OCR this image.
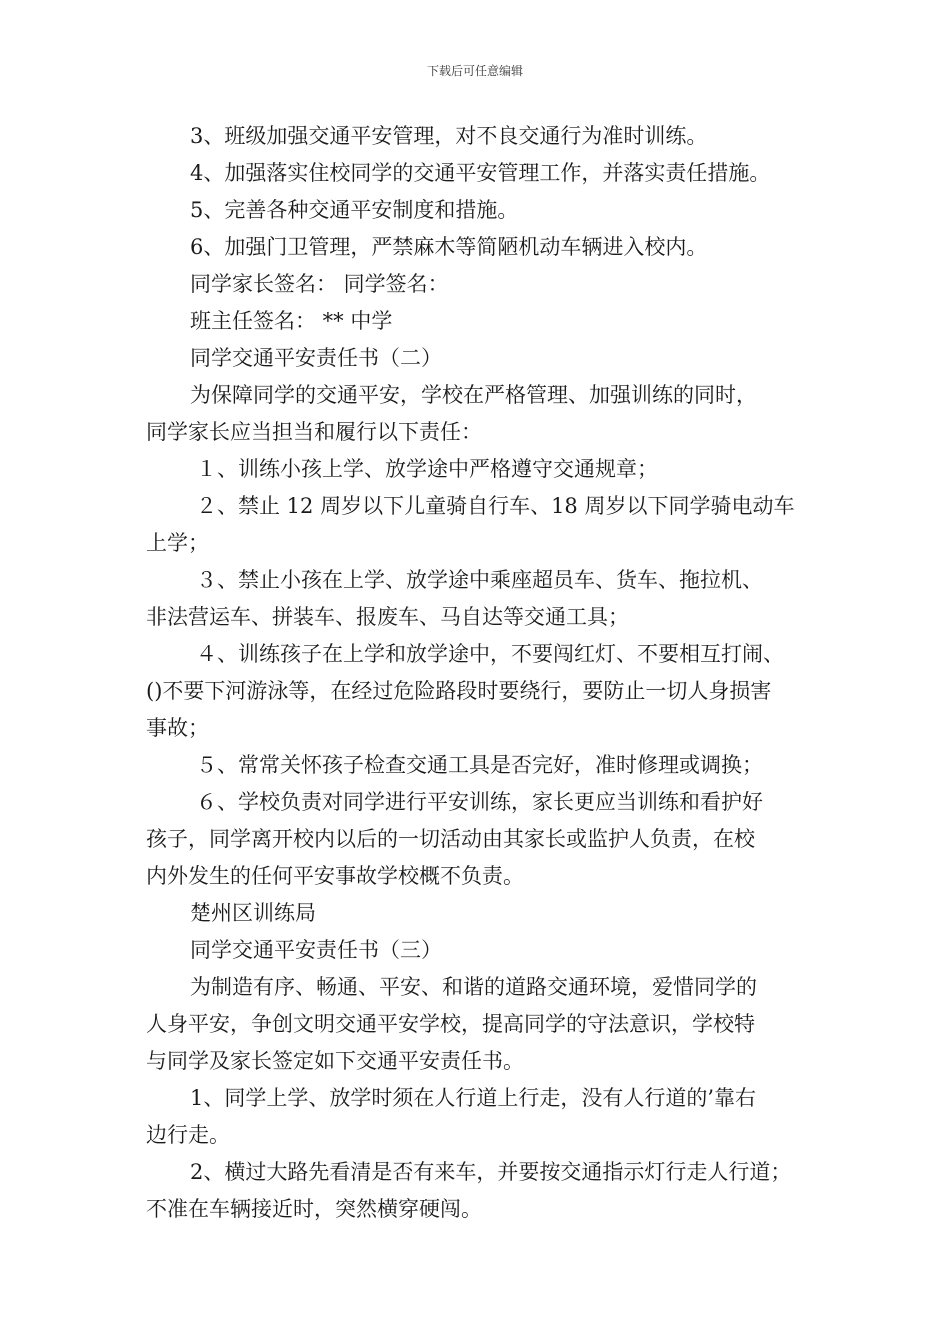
下载后可任意编辑

3、班级加强交通平安管理，对不良交通行为准时训练。

4、加强落实住校同学的交通平安管理工作，并落实责任措施。

5、完善各种交通平安制度和措施。

6、加强门卫管理，严禁麻木等简陋机动车辆进入校内。

同学家长签名： 同学签名：

班主任签名： ** 中学

同学交通平安责任书（二）

为保障同学的交通平安，学校在严格管理、加强训练的同时，
同学家长应当担当和履行以下责任：

１、训练小孩上学、放学途中严格遵守交通规章；

２、禁止 12 周岁以下儿童骑自行车、18 周岁以下同学骑电动车
上学；

３、禁止小孩在上学、放学途中乘座超员车、货车、拖拉机、
非法营运车、拼装车、报废车、马自达等交通工具；

４、训练孩子在上学和放学途中，不要闯红灯、不要相互打闹、
()不要下河游泳等，在经过危险路段时要绕行，要防止一切人身损害
事故；

５、常常关怀孩子检查交通工具是否完好，准时修理或调换；

６、学校负责对同学进行平安训练，家长更应当训练和看护好
孩子，同学离开校内以后的一切活动由其家长或监护人负责，在校
内外发生的任何平安事故学校概不负责。

楚州区训练局

同学交通平安责任书（三）

为制造有序、畅通、平安、和谐的道路交通环境，爱惜同学的
人身平安，争创文明交通平安学校，提高同学的守法意识，学校特
与同学及家长签定如下交通平安责任书。

1、同学上学、放学时须在人行道上行走，没有人行道的’靠右
边行走。

2、横过大路先看清是否有来车，并要按交通指示灯行走人行道；
不准在车辆接近时，突然横穿硬闯。
